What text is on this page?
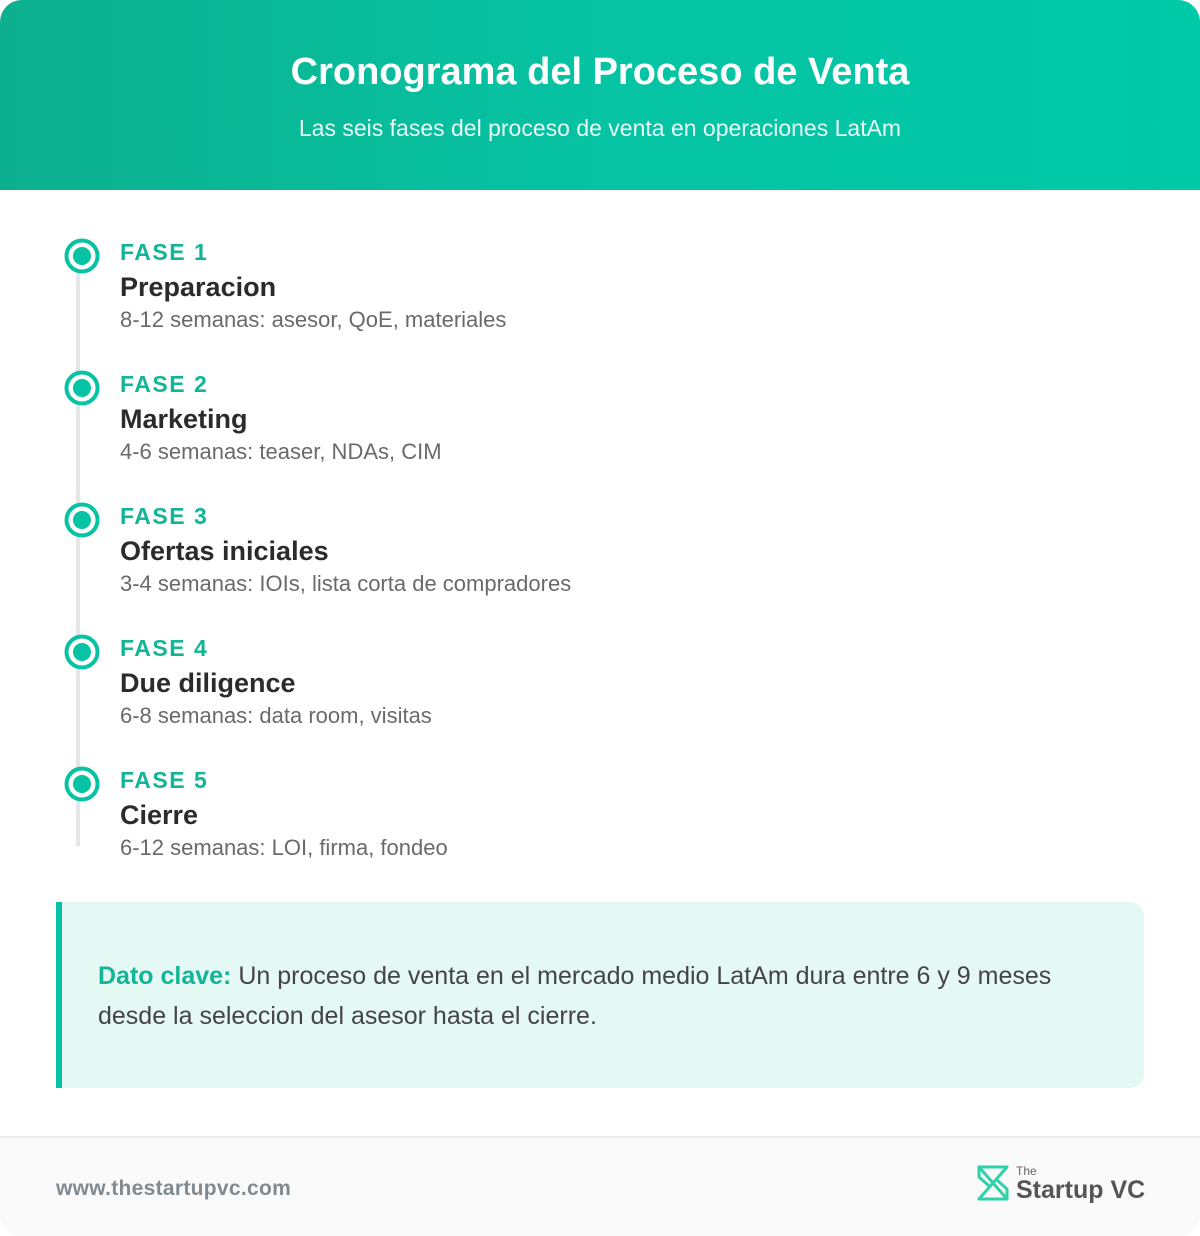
Cronograma del Proceso de Venta
Las seis fases del proceso de venta en operaciones LatAm
FASE 1
Preparacion
8-12 semanas: asesor, QoE, materiales
FASE 2
Marketing
4-6 semanas: teaser, NDAs, CIM
FASE 3
Ofertas iniciales
3-4 semanas: IOIs, lista corta de compradores
FASE 4
Due diligence
6-8 semanas: data room, visitas
FASE 5
Cierre
6-12 semanas: LOI, firma, fondeo
Dato clave: Un proceso de venta en el mercado medio LatAm dura entre 6 y 9 meses desde la seleccion del asesor hasta el cierre.
www.thestartupvc.com
The
Startup VC
